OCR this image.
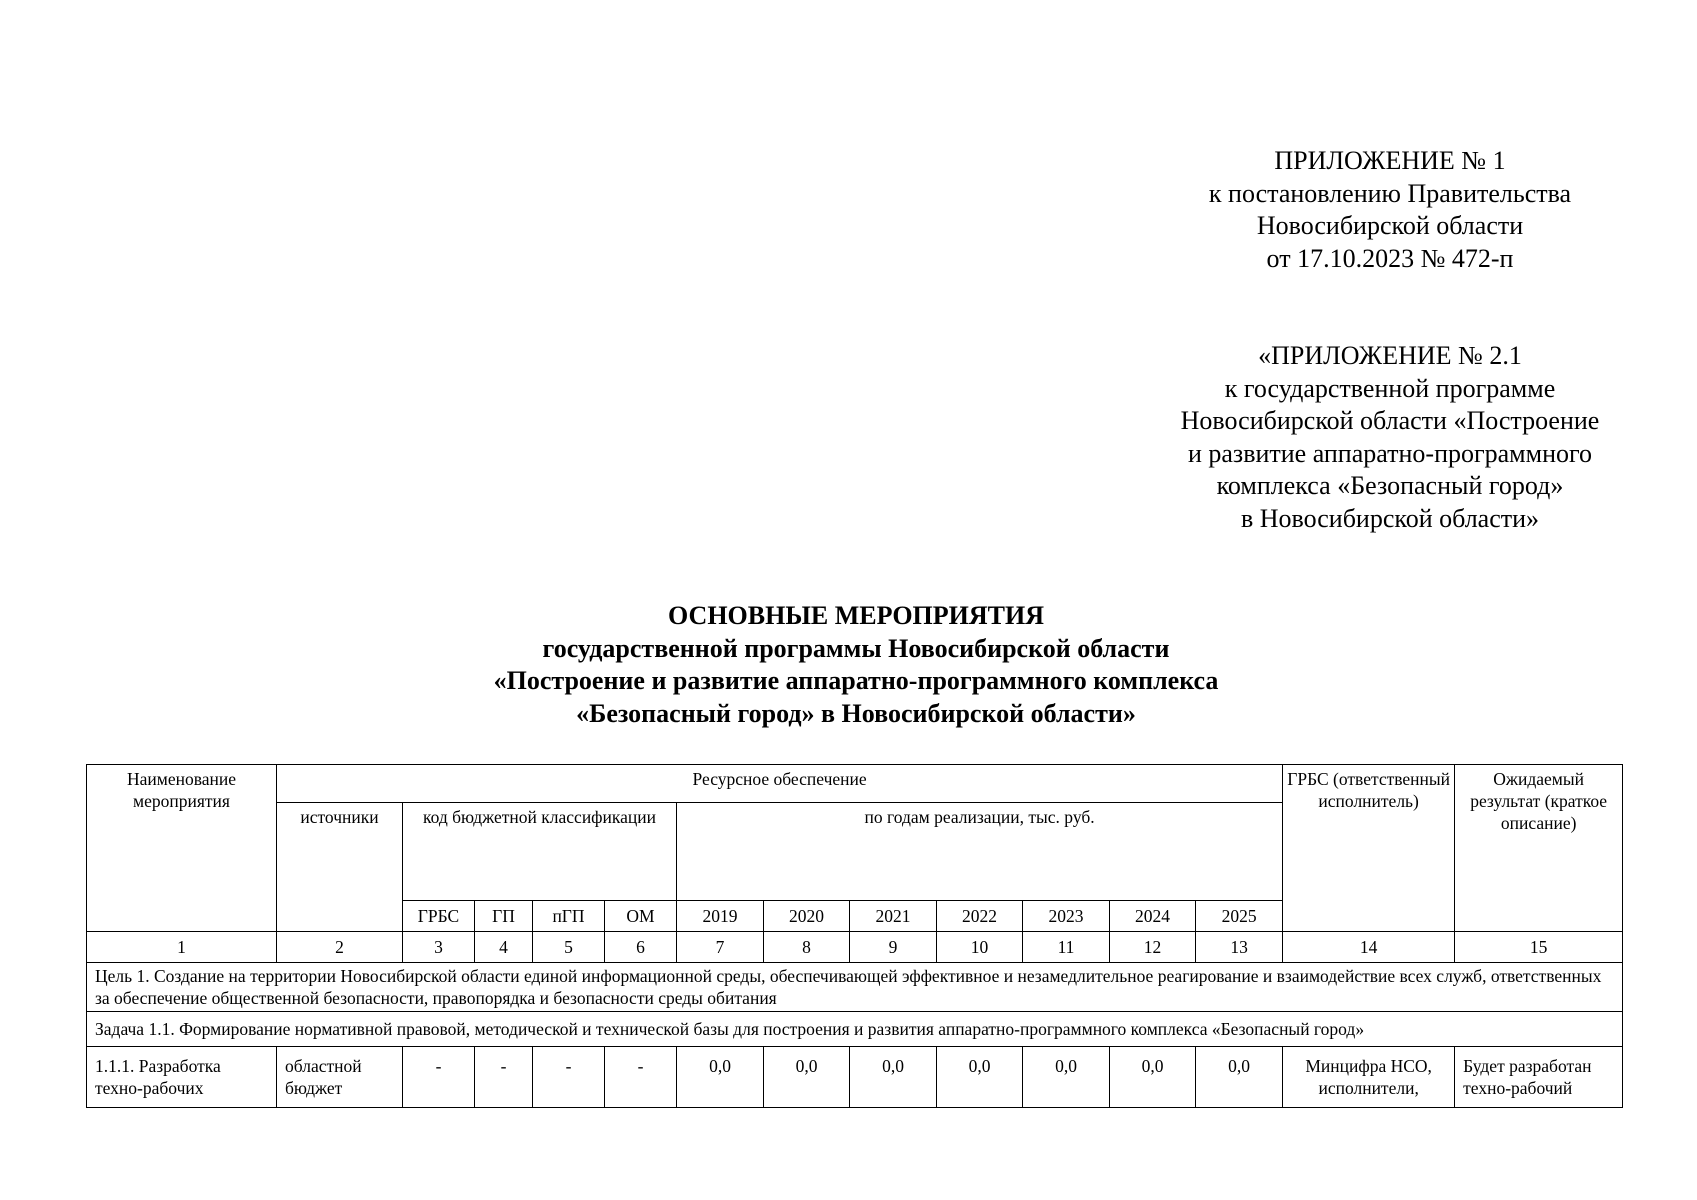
ПРИЛОЖЕНИЕ № 1
к постановлению Правительства
Новосибирской области
от 17.10.2023 № 472-п
«ПРИЛОЖЕНИЕ № 2.1
к государственной программе
Новосибирской области «Построение
и развитие аппаратно-программного
комплекса «Безопасный город»
в Новосибирской области»
ОСНОВНЫЕ МЕРОПРИЯТИЯ
государственной программы Новосибирской области
«Построение и развитие аппаратно-программного комплекса
«Безопасный город» в Новосибирской области»
Наименование мероприятия	Ресурсное обеспечение												ГРБС (ответственный исполнитель)	Ожидаемый результат (краткое описание)
	источники	код бюджетной классификации				по годам реализации, тыс. руб.								
		ГРБС	ГП	пГП	ОМ	2019	2020	2021	2022	2023	2024	2025		
1	2	3	4	5	6	7	8	9	10	11	12	13	14	15
Цель 1. Создание на территории Новосибирской области единой информационной среды, обеспечивающей эффективное и незамедлительное реагирование и взаимодействие всех служб, ответственных за обеспечение общественной безопасности, правопорядка и безопасности среды обитания														
Задача 1.1. Формирование нормативной правовой, методической и технической базы для построения и развития аппаратно-программного комплекса «Безопасный город»														
1.1.1. Разработка техно-рабочих	областной бюджет	-	-	-	-	0,0	0,0	0,0	0,0	0,0	0,0	0,0	Минцифра НСО, исполнители,	Будет разработан техно-рабочий
